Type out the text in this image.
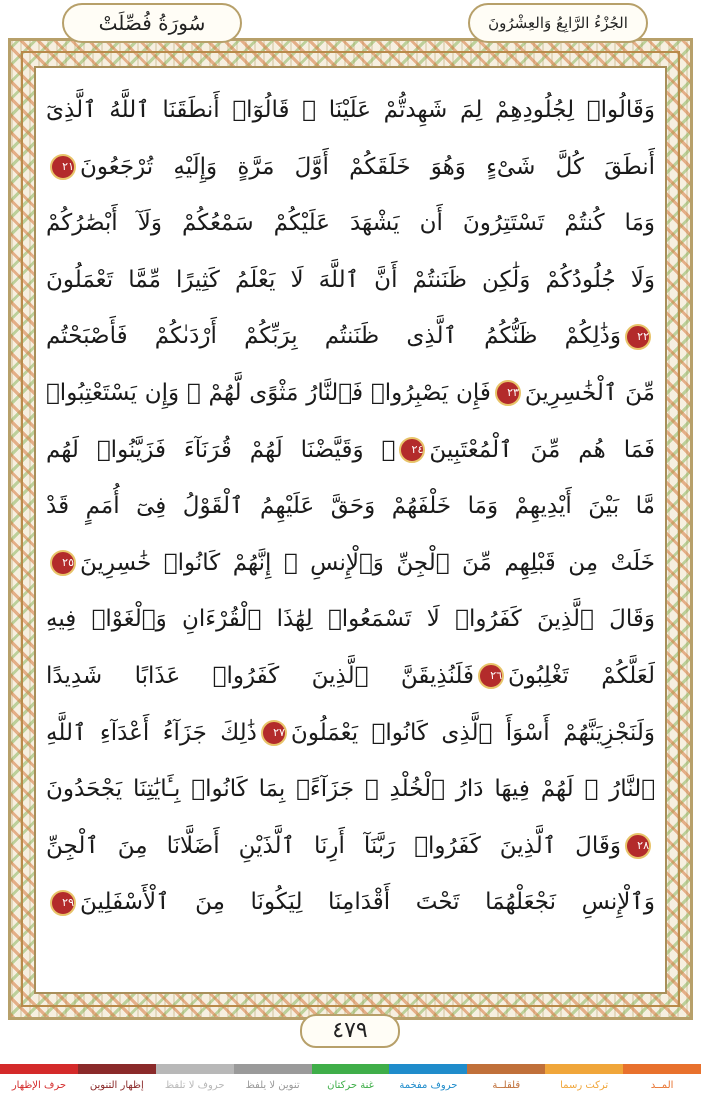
سُورَةُ فُصِّلَتْ	الجُزْءُ الرَّابِعُ وَالعِشْرُونَ
وَقَالُوا۟ لِجُلُودِهِمْ لِمَ شَهِدتُّمْ عَلَيْنَا ۖ قَالُوٓا۟ أَنطَقَنَا ٱللَّهُ ٱلَّذِىٓ
أَنطَقَ كُلَّ شَىْءٍ وَهُوَ خَلَقَكُمْ أَوَّلَ مَرَّةٍ وَإِلَيْهِ تُرْجَعُونَ٢١
وَمَا كُنتُمْ تَسْتَتِرُونَ أَن يَشْهَدَ عَلَيْكُمْ سَمْعُكُمْ وَلَآ أَبْصَٰرُكُمْ
وَلَا جُلُودُكُمْ وَلَٰكِن ظَنَنتُمْ أَنَّ ٱللَّهَ لَا يَعْلَمُ كَثِيرًا مِّمَّا تَعْمَلُونَ
٢٢وَذَٰلِكُمْ ظَنُّكُمُ ٱلَّذِى ظَنَنتُم بِرَبِّكُمْ أَرْدَىٰكُمْ فَأَصْبَحْتُم
مِّنَ ٱلْخَٰسِرِينَ٢٣فَإِن يَصْبِرُوا۟ فَٱلنَّارُ مَثْوًى لَّهُمْ ۖ وَإِن يَسْتَعْتِبُوا۟
فَمَا هُم مِّنَ ٱلْمُعْتَبِينَ٢٤۞ وَقَيَّضْنَا لَهُمْ قُرَنَآءَ فَزَيَّنُوا۟ لَهُم
مَّا بَيْنَ أَيْدِيهِمْ وَمَا خَلْفَهُمْ وَحَقَّ عَلَيْهِمُ ٱلْقَوْلُ فِىٓ أُمَمٍ قَدْ
خَلَتْ مِن قَبْلِهِم مِّنَ ٱلْجِنِّ وَٱلْإِنسِ ۖ إِنَّهُمْ كَانُوا۟ خَٰسِرِينَ٢٥
وَقَالَ ٱلَّذِينَ كَفَرُوا۟ لَا تَسْمَعُوا۟ لِهَٰذَا ٱلْقُرْءَانِ وَٱلْغَوْا۟ فِيهِ
لَعَلَّكُمْ تَغْلِبُونَ٢٦فَلَنُذِيقَنَّ ٱلَّذِينَ كَفَرُوا۟ عَذَابًا شَدِيدًا
وَلَنَجْزِيَنَّهُمْ أَسْوَأَ ٱلَّذِى كَانُوا۟ يَعْمَلُونَ٢٧ذَٰلِكَ جَزَآءُ أَعْدَآءِ ٱللَّهِ
ٱلنَّارُ ۖ لَهُمْ فِيهَا دَارُ ٱلْخُلْدِ ۖ جَزَآءًۢ بِمَا كَانُوا۟ بِـَٔايَٰتِنَا يَجْحَدُونَ
٢٨وَقَالَ ٱلَّذِينَ كَفَرُوا۟ رَبَّنَآ أَرِنَا ٱلَّذَيْنِ أَضَلَّانَا مِنَ ٱلْجِنِّ
وَٱلْإِنسِ نَجْعَلْهُمَا تَحْتَ أَقْدَامِنَا لِيَكُونَا مِنَ ٱلْأَسْفَلِينَ٢٩
٤٧٩
المــد
تركت رسما
قلقلــة
حروف مفخمة
غنة حركتان
تنوين لا يلفظ
حروف لا تلفظ
إظهار التنوين
حرف الإظهار
